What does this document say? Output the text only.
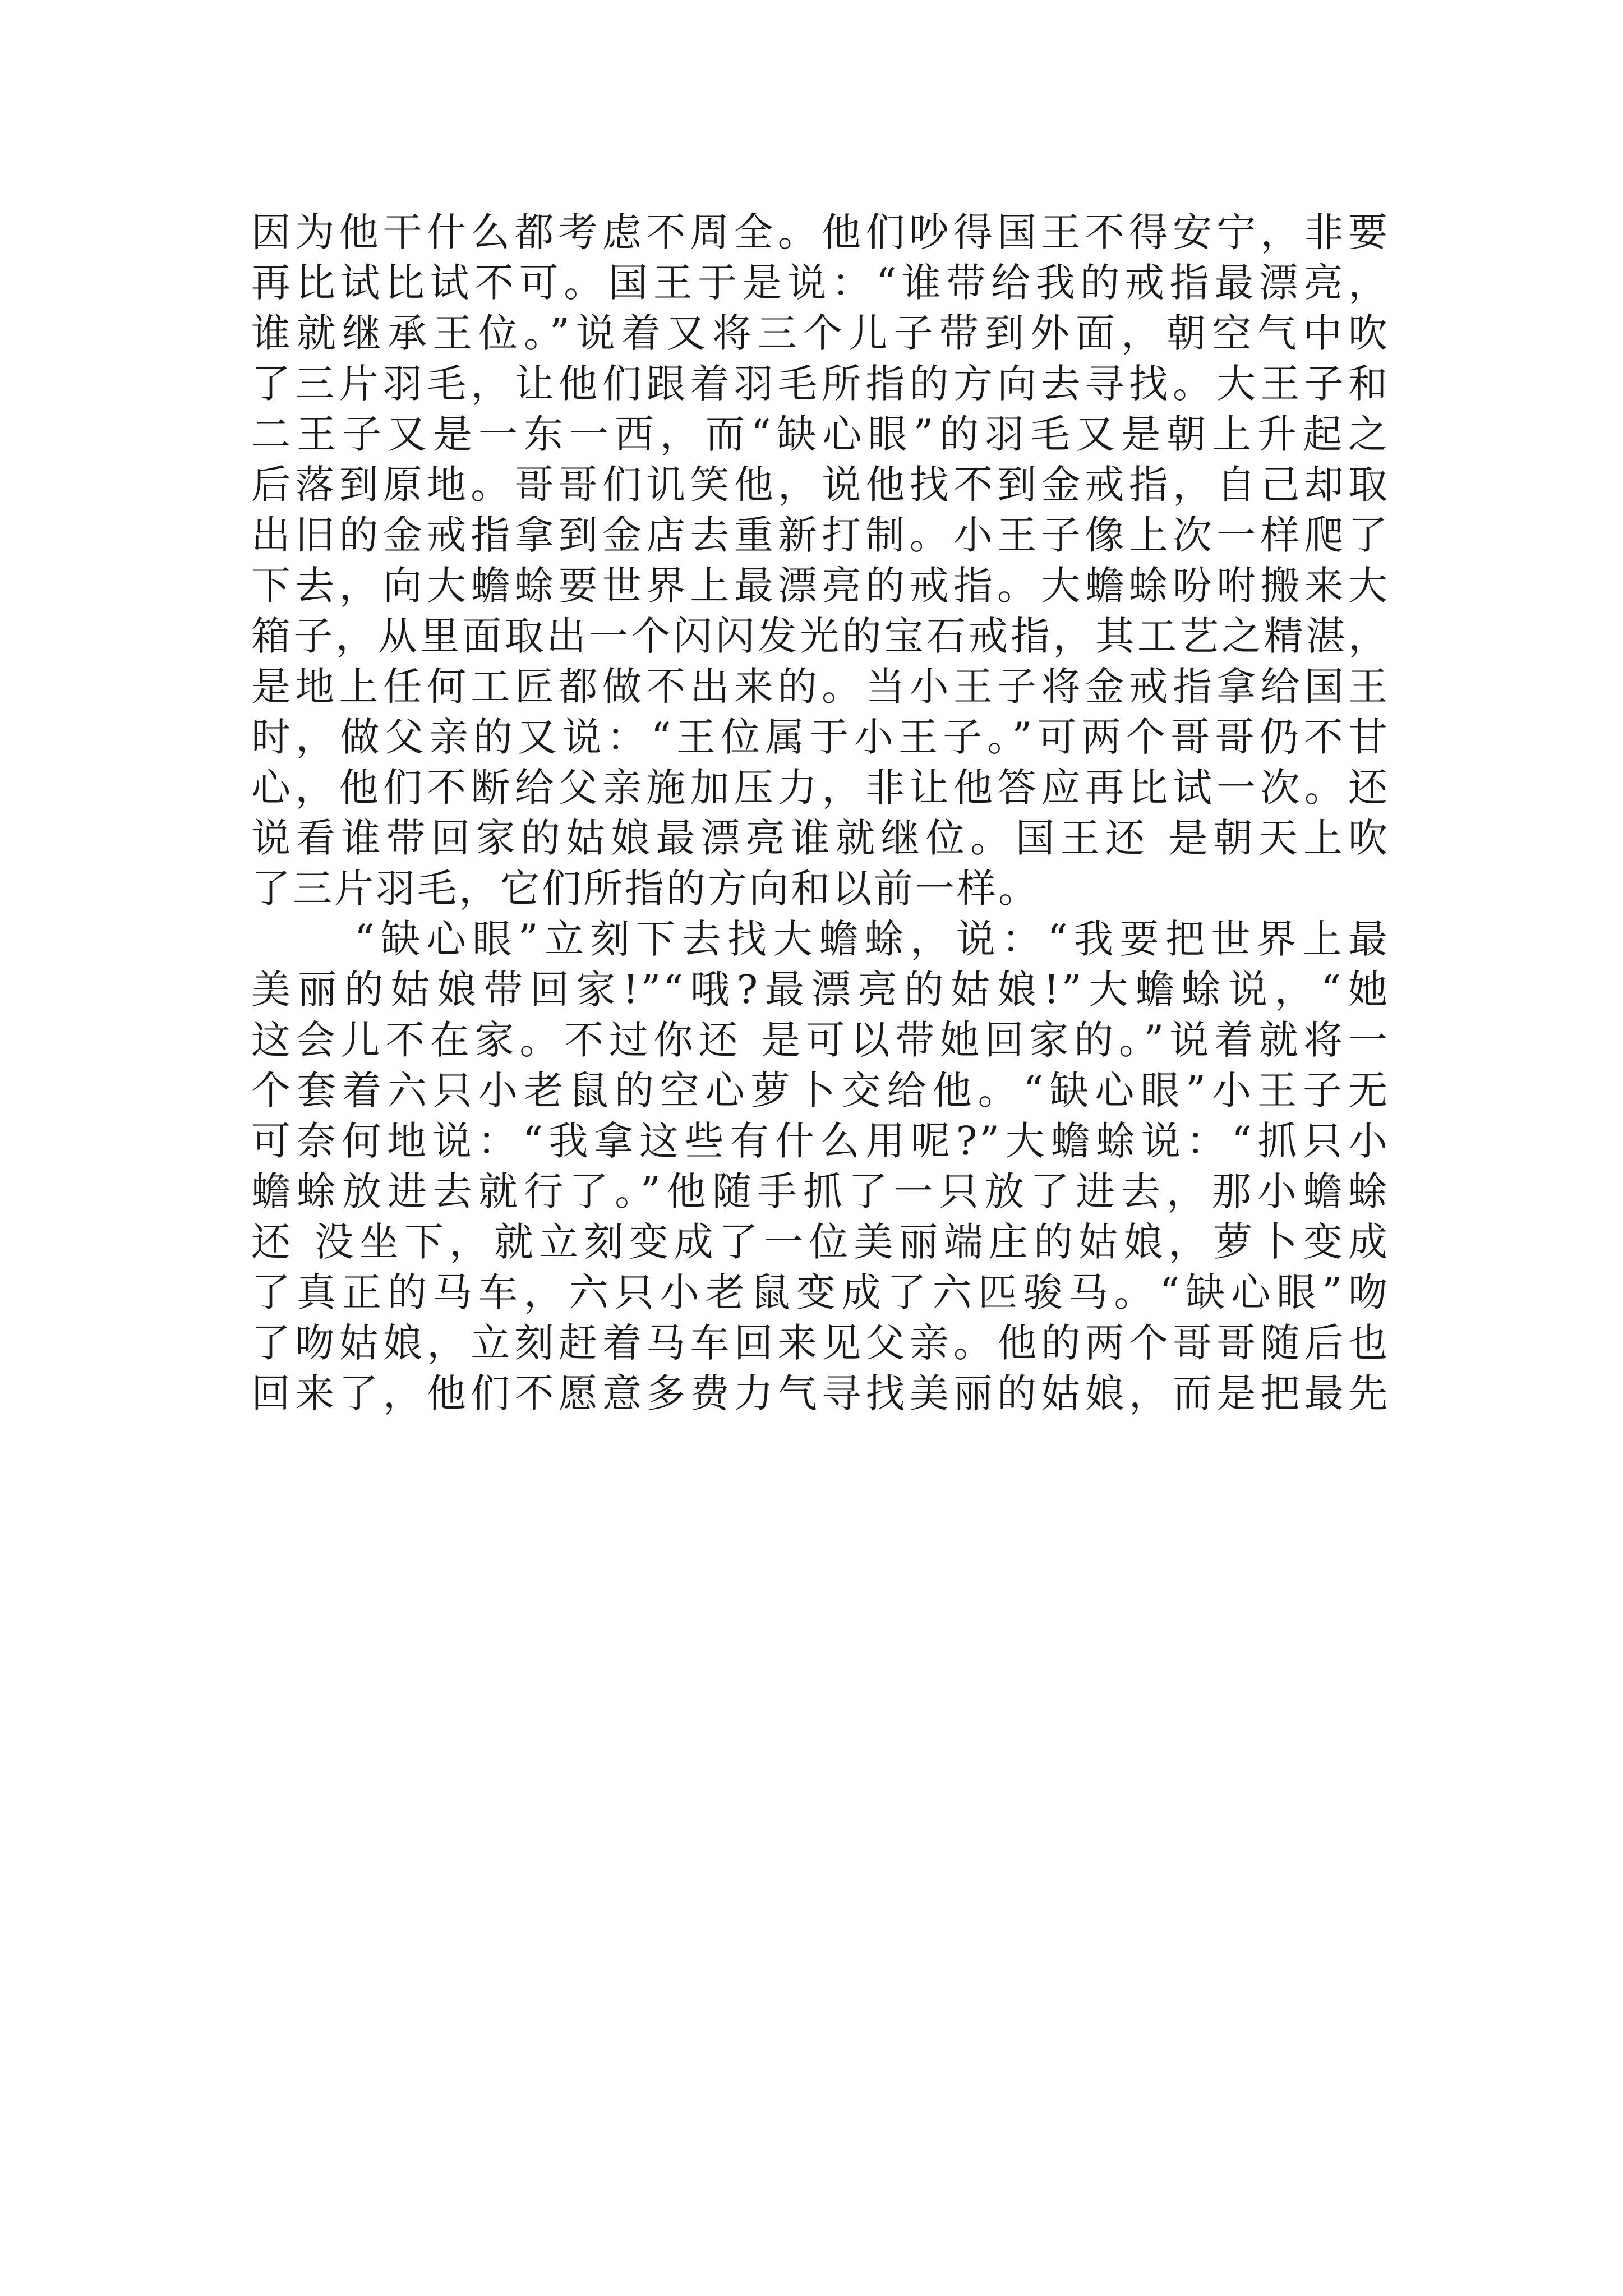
因为他干什么都考虑不周全。他们吵得国王不得安宁，非要
再比试比试不可。国王于是说：“谁带给我的戒指最漂亮，
谁就继承王位。”说着又将三个儿子带到外面，朝空气中吹
了三片羽毛，让他们跟着羽毛所指的方向去寻找。大王子和
二王子又是一东一西，而“缺心眼”的羽毛又是朝上升起之
后落到原地。哥哥们讥笑他，说他找不到金戒指，自己却取
出旧的金戒指拿到金店去重新打制。小王子像上次一样爬了
下去，向大蟾蜍要世界上最漂亮的戒指。大蟾蜍吩咐搬来大
箱子，从里面取出一个闪闪发光的宝石戒指，其工艺之精湛，
是地上任何工匠都做不出来的。当小王子将金戒指拿给国王
时，做父亲的又说：“王位属于小王子。”可两个哥哥仍不甘
心，他们不断给父亲施加压力，非让他答应再比试一次。还
说看谁带回家的姑娘最漂亮谁就继位。国王还 是朝天上吹
了三片羽毛，它们所指的方向和以前一样。
“缺心眼”立刻下去找大蟾蜍，说：“我要把世界上最
美丽的姑娘带回家!”“哦?最漂亮的姑娘!”大蟾蜍说，“她
这会儿不在家。不过你还 是可以带她回家的。”说着就将一
个套着六只小老鼠的空心萝卜交给他。“缺心眼”小王子无
可奈何地说：“我拿这些有什么用呢?”大蟾蜍说：“抓只小
蟾蜍放进去就行了。”他随手抓了一只放了进去，那小蟾蜍
还 没坐下，就立刻变成了一位美丽端庄的姑娘，萝卜变成
了真正的马车，六只小老鼠变成了六匹骏马。“缺心眼”吻
了吻姑娘，立刻赶着马车回来见父亲。他的两个哥哥随后也
回来了，他们不愿意多费力气寻找美丽的姑娘，而是把最先
